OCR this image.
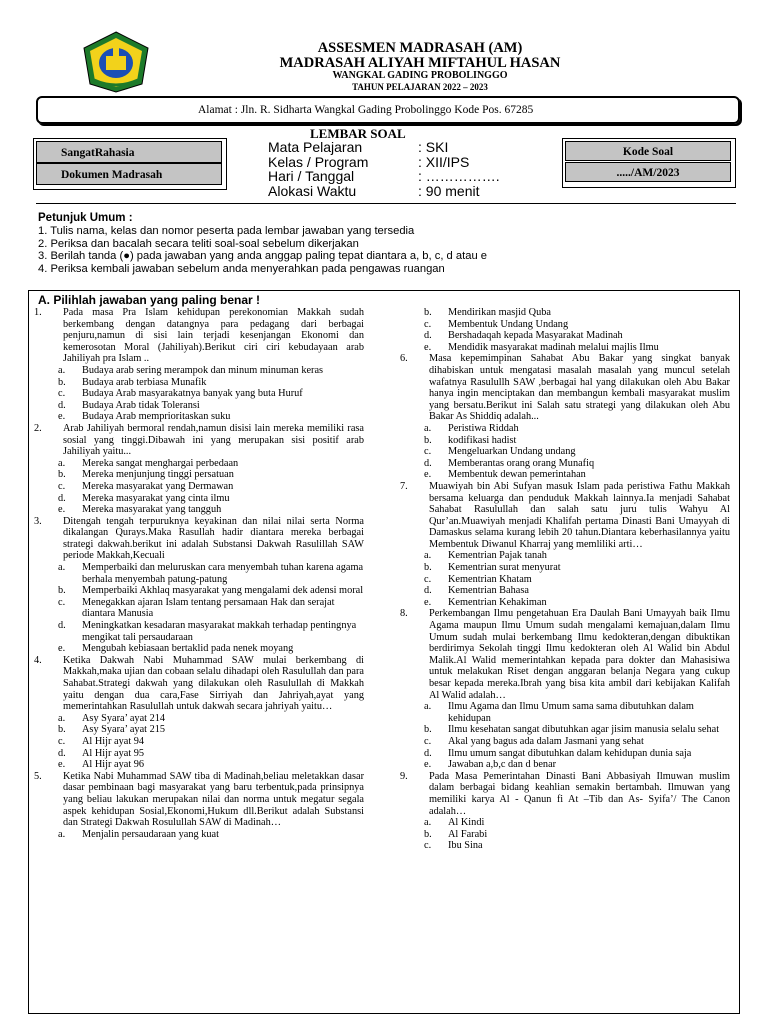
ASSESMEN MADRASAH (AM)
MADRASAH ALIYAH MIFTAHUL HASAN
WANGKAL GADING PROBOLINGGO
TAHUN PELAJARAN 2022 – 2023
Alamat : Jln. R. Sidharta Wangkal Gading Probolinggo Kode Pos. 67285
LEMBAR SOAL
SangatRahasia
Dokumen Madrasah
Mata Pelajaran	: SKI
Kelas / Program	: XII/IPS
Hari / Tanggal	: …………….
Alokasi Waktu	: 90 menit
Kode Soal
...../AM/2023
Petunjuk Umum :
1. Tulis nama, kelas dan nomor peserta pada lembar jawaban yang tersedia
2. Periksa dan bacalah secara teliti soal-soal sebelum dikerjakan
3. Berilah tanda (●) pada jawaban yang anda anggap paling tepat diantara a, b, c, d atau e
4. Periksa kembali jawaban sebelum anda menyerahkan pada pengawas ruangan
A. Pilihlah jawaban yang paling benar !
1.	Pada masa Pra Islam kehidupan perekonomian Makkah sudah berkembang dengan datangnya para pedagang dari berbagai penjuru,namun di sisi lain terjadi kesenjangan Ekonomi dan kemerosotan Moral (Jahiliyah).Berikut ciri ciri kebudayaan arab Jahiliyah pra Islam ..
a.	Budaya arab sering merampok dan minum minuman keras
b.	Budaya arab terbiasa Munafik
c.	Budaya Arab masyarakatnya banyak yang buta Huruf
d.	Budaya Arab tidak Toleransi
e.	Budaya Arab memprioritaskan suku
2.	Arab Jahiliyah bermoral rendah,namun disisi lain mereka memiliki rasa sosial yang tinggi.Dibawah ini yang merupakan sisi positif arab Jahiliyah yaitu...
a.	Mereka sangat menghargai perbedaan
b.	Mereka menjunjung tinggi persatuan
c.	Mereka masyarakat yang Dermawan
d.	Mereka masyarakat yang cinta ilmu
e.	Mereka masyarakat yang tangguh
3.	Ditengah tengah terpuruknya keyakinan dan nilai nilai serta Norma dikalangan Qurays.Maka Rasullah hadir diantara mereka berbagai strategi dakwah.berikut ini adalah Substansi Dakwah Rasulillah SAW periode Makkah,Kecuali
a.	Memperbaiki dan meluruskan cara menyembah tuhan karena agama berhala menyembah patung-patung
b.	Memperbaiki Akhlaq masyarakat yang mengalami dek adensi moral
c.	Menegakkan ajaran Islam tentang persamaan Hak dan serajat diantara Manusia
d.	Meningkatkan kesadaran masyarakat makkah terhadap pentingnya mengikat tali persaudaraan
e.	Mengubah kebiasaan bertaklid pada nenek moyang
4.	Ketika Dakwah Nabi Muhammad SAW mulai berkembang di Makkah,maka ujian dan cobaan selalu dihadapi oleh Rasulullah dan para Sahabat.Strategi dakwah yang dilakukan oleh Rasulullah di Makkah yaitu dengan dua cara,Fase Sirriyah dan Jahriyah,ayat yang memerintahkan Rasulullah untuk dakwah secara jahriyah yaitu…
a.	Asy Syara’ ayat 214
b.	Asy Syara’ ayat 215
c.	Al Hijr ayat 94
d.	Al Hijr ayat 95
e.	Al Hijr ayat 96
5.	Ketika Nabi Muhammad SAW tiba di Madinah,beliau meletakkan dasar dasar pembinaan bagi masyarakat yang baru terbentuk,pada prinsipnya yang beliau lakukan merupakan nilai dan norma untuk megatur segala aspek kehidupan Sosial,Ekonomi,Hukum dll.Berikut adalah Substansi dan Strategi Dakwah Rosulullah SAW di Madinah…
a.	Menjalin persaudaraan yang kuat
b.	Mendirikan masjid Quba
c.	Membentuk Undang Undang
d.	Bershadaqah kepada Masyarakat Madinah
e.	Mendidik masyarakat madinah melalui majlis Ilmu
6.	Masa kepemimpinan Sahabat Abu Bakar yang singkat banyak dihabiskan untuk mengatasi masalah masalah yang muncul setelah wafatnya Rasulullh SAW ,berbagai hal yang dilakukan oleh Abu Bakar hanya ingin menciptakan dan membangun kembali masyarakat muslim yang bersatu.Berikut ini Salah satu strategi yang dilakukan oleh Abu Bakar As Shiddiq adalah...
a.	Peristiwa Riddah
b.	kodifikasi hadist
c.	Mengeluarkan Undang undang
d.	Memberantas orang orang Munafiq
e.	Membentuk dewan pemerintahan
7.	Muawiyah bin Abi Sufyan masuk Islam pada peristiwa Fathu Makkah bersama keluarga dan penduduk Makkah lainnya.Ia menjadi Sahabat Sahabat Rasulullah dan salah satu juru tulis Wahyu Al Qur’an.Muawiyah menjadi Khalifah pertama Dinasti Bani Umayyah di Damaskus selama kurang lebih 20 tahun.Diantara keberhasilannya yaitu Membentuk Diwanul Kharraj yang memliliki arti…
a.	Kementrian Pajak tanah
b.	Kementrian surat menyurat
c.	Kementrian Khatam
d.	Kementrian Bahasa
e.	Kementrian Kehakiman
8.	Perkembangan Ilmu pengetahuan Era Daulah Bani Umayyah baik Ilmu Agama maupun Ilmu Umum sudah mengalami kemajuan,dalam Ilmu Umum sudah mulai berkembang Ilmu kedokteran,dengan dibuktikan berdirimya Sekolah tinggi Ilmu kedokteran oleh Al Walid bin Abdul Malik.Al Walid memerintahkan kepada para dokter dan Mahasisiwa untuk melakukan Riset dengan anggaran belanja Negara yang cukup besar kepada mereka.Ibrah yang bisa kita ambil dari kebijakan Kalifah Al Walid adalah…
a.	Ilmu Agama dan Ilmu Umum sama sama dibutuhkan dalam kehidupan
b.	Ilmu kesehatan sangat dibutuhkan agar jisim manusia selalu sehat
c.	Akal yang bagus ada dalam Jasmani yang sehat
d.	Ilmu umum sangat dibutuhkan dalam kehidupan dunia saja
e.	Jawaban a,b,c dan d benar
9.	Pada Masa Pemerintahan Dinasti Bani Abbasiyah Ilmuwan muslim dalam berbagai bidang keahlian semakin bertambah. Ilmuwan yang memiliki karya Al - Qanun fi At –Tib dan As- Syifa’/ The Canon adalah…
a.	Al Kindi
b.	Al Farabi
c.	Ibu Sina
